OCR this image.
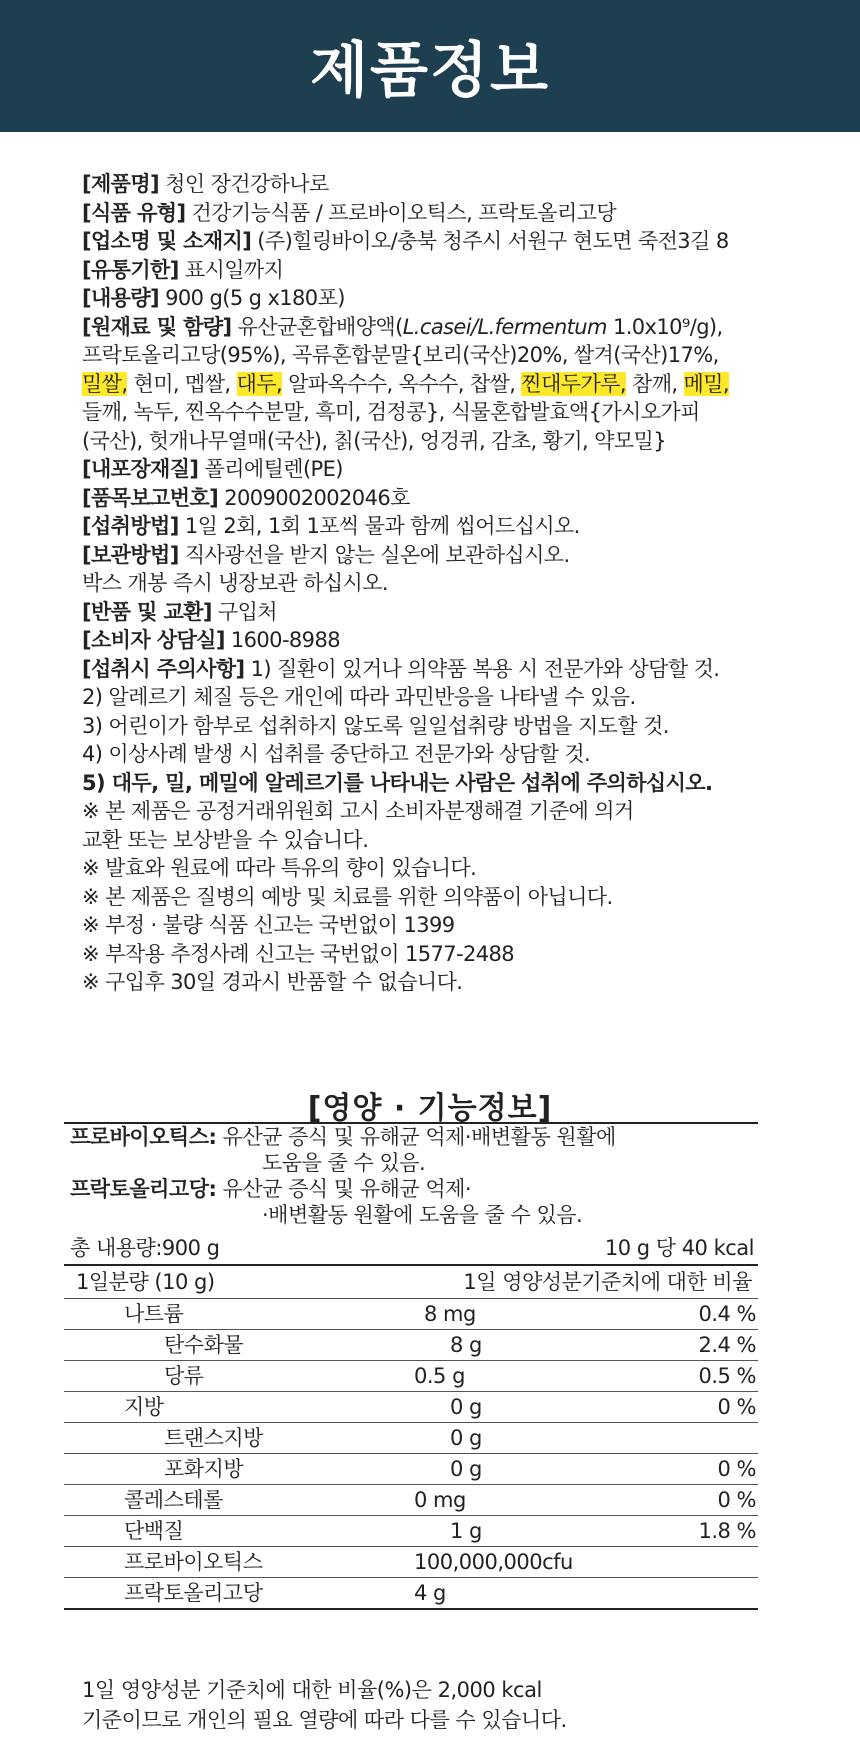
제품정보
[제품명] 청인 장건강하나로
[식품 유형] 건강기능식품 / 프로바이오틱스, 프락토올리고당
[업소명 및 소재지] (주)힐링바이오/충북 청주시 서원구 현도면 죽전3길 8
[유통기한] 표시일까지
[내용량] 900 g(5 g x180포)
[원재료 및 함량] 유산균혼합배양액(L.casei/L.fermentum 1.0x10⁹/g),
프락토올리고당(95%), 곡류혼합분말{보리(국산)20%, 쌀겨(국산)17%,
밀쌀, 현미, 멥쌀, 대두, 알파옥수수, 옥수수, 찹쌀, 찐대두가루, 참깨, 메밀,
들깨, 녹두, 찐옥수수분말, 흑미, 검정콩}, 식물혼합발효액{가시오가피
(국산), 헛개나무열매(국산), 칡(국산), 엉겅퀴, 감초, 황기, 약모밀}
[내포장재질] 폴리에틸렌(PE)
[품목보고번호] 2009002002046호
[섭취방법] 1일 2회, 1회 1포씩 물과 함께 씹어드십시오.
[보관방법] 직사광선을 받지 않는 실온에 보관하십시오.
박스 개봉 즉시 냉장보관 하십시오.
[반품 및 교환] 구입처
[소비자 상담실] 1600-8988
[섭취시 주의사항] 1) 질환이 있거나 의약품 복용 시 전문가와 상담할 것.
2) 알레르기 체질 등은 개인에 따라 과민반응을 나타낼 수 있음.
3) 어린이가 함부로 섭취하지 않도록 일일섭취량 방법을 지도할 것.
4) 이상사례 발생 시 섭취를 중단하고 전문가와 상담할 것.
5) 대두, 밀, 메밀에 알레르기를 나타내는 사람은 섭취에 주의하십시오.
※ 본 제품은 공정거래위원회 고시 소비자분쟁해결 기준에 의거
교환 또는 보상받을 수 있습니다.
※ 발효와 원료에 따라 특유의 향이 있습니다.
※ 본 제품은 질병의 예방 및 치료를 위한 의약품이 아닙니다.
※ 부정 · 불량 식품 신고는 국번없이 1399
※ 부작용 추정사례 신고는 국번없이 1577-2488
※ 구입후 30일 경과시 반품할 수 없습니다.
[영양 · 기능정보]
프로바이오틱스: 유산균 증식 및 유해균 억제·배변활동 원활에
도움을 줄 수 있음.
프락토올리고당: 유산균 증식 및 유해균 억제·
·배변활동 원활에 도움을 줄 수 있음.
총 내용량:900 g	10 g 당 40 kcal
1일분량 (10 g)	1일 영양성분기준치에 대한 비율
나트륨	8 mg	0.4 %
탄수화물	8 g	2.4 %
당류	0.5 g	0.5 %
지방	0 g	0 %
트랜스지방	0 g
포화지방	0 g	0 %
콜레스테롤	0 mg	0 %
단백질	1 g	1.8 %
프로바이오틱스	100,000,000cfu
프락토올리고당	4 g
1일 영양성분 기준치에 대한 비율(%)은 2,000 kcal
기준이므로 개인의 필요 열량에 따라 다를 수 있습니다.
